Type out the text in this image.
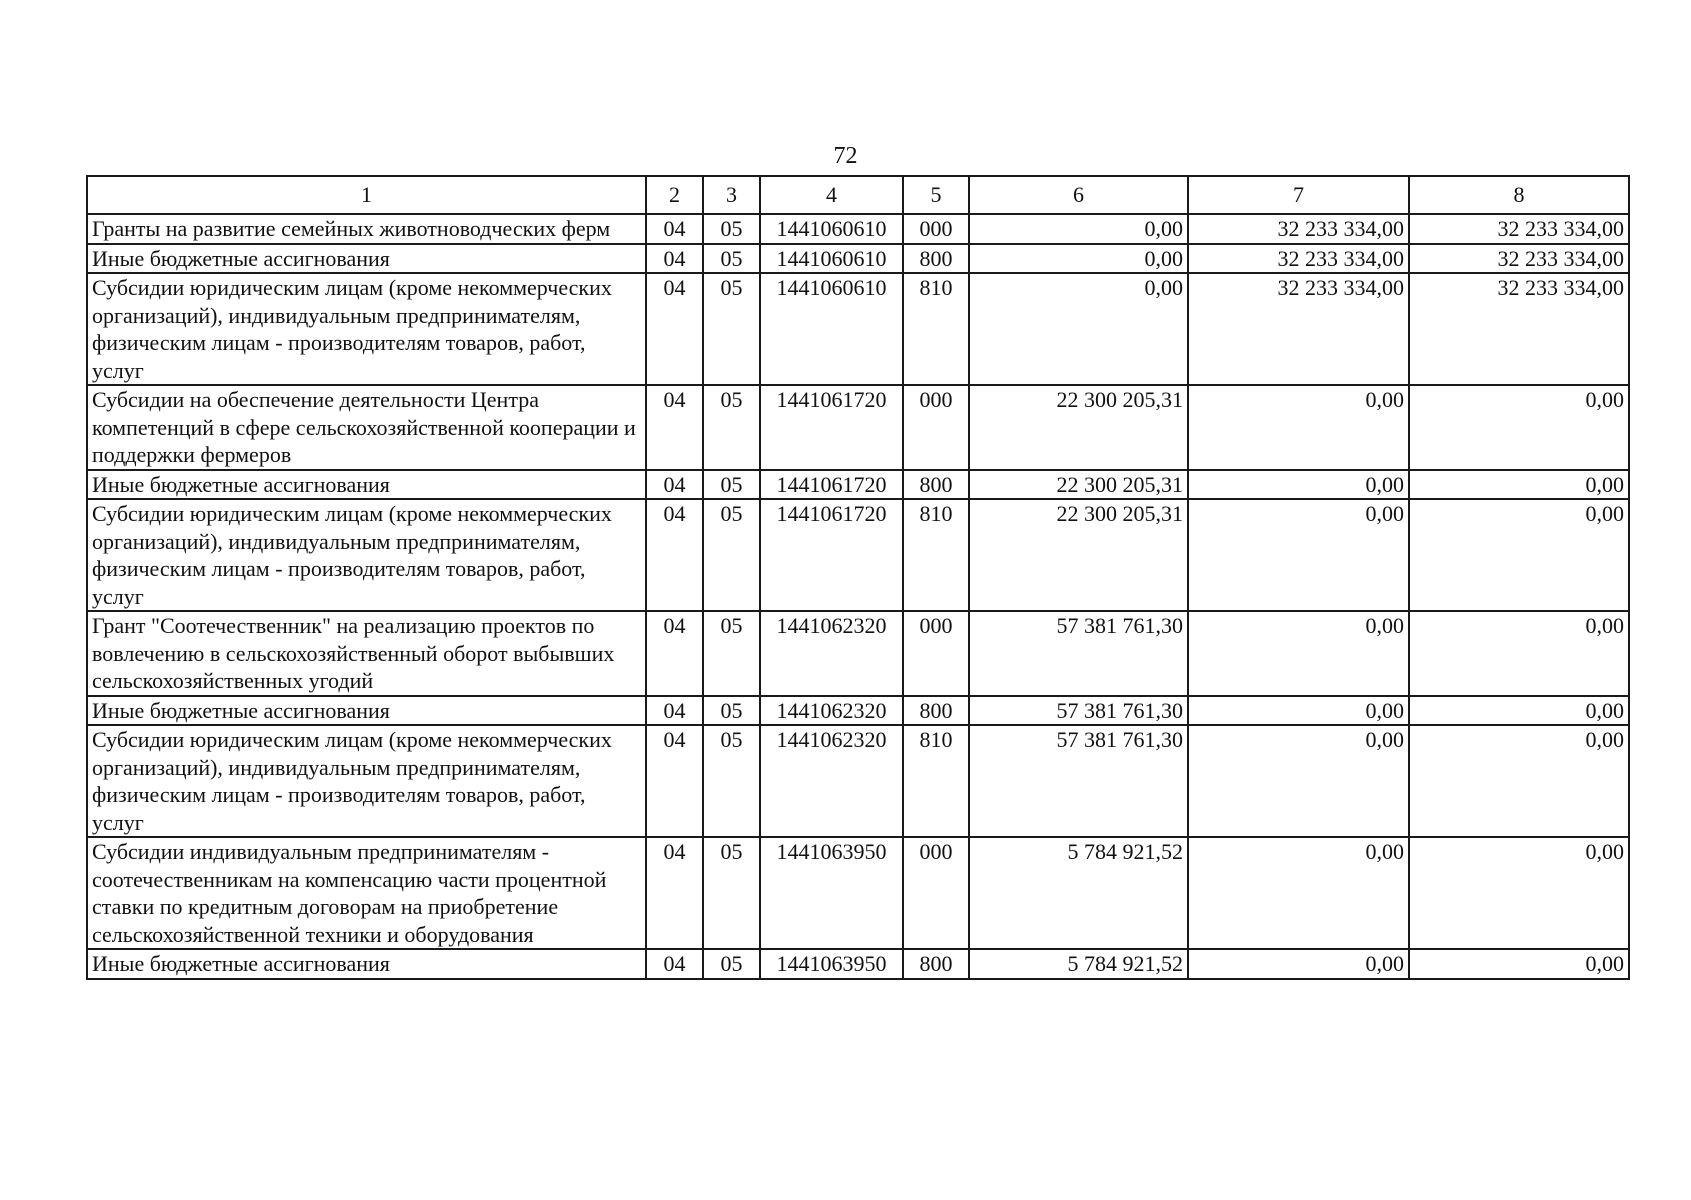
72
1	2	3	4	5	6	7	8
Гранты на развитие семейных животноводческих ферм	04	05	1441060610	000	0,00	32 233 334,00	32 233 334,00
Иные бюджетные ассигнования	04	05	1441060610	800	0,00	32 233 334,00	32 233 334,00
Субсидии юридическим лицам (кроме некоммерческих организаций), индивидуальным предпринимателям, физическим лицам - производителям товаров, работ, услуг	04	05	1441060610	810	0,00	32 233 334,00	32 233 334,00
Субсидии на обеспечение деятельности Центра компетенций в сфере сельскохозяйственной кооперации и поддержки фермеров	04	05	1441061720	000	22 300 205,31	0,00	0,00
Иные бюджетные ассигнования	04	05	1441061720	800	22 300 205,31	0,00	0,00
Субсидии юридическим лицам (кроме некоммерческих организаций), индивидуальным предпринимателям, физическим лицам - производителям товаров, работ, услуг	04	05	1441061720	810	22 300 205,31	0,00	0,00
Грант "Соотечественник" на реализацию проектов по вовлечению в сельскохозяйственный оборот выбывших сельскохозяйственных угодий	04	05	1441062320	000	57 381 761,30	0,00	0,00
Иные бюджетные ассигнования	04	05	1441062320	800	57 381 761,30	0,00	0,00
Субсидии юридическим лицам (кроме некоммерческих организаций), индивидуальным предпринимателям, физическим лицам - производителям товаров, работ, услуг	04	05	1441062320	810	57 381 761,30	0,00	0,00
Субсидии индивидуальным предпринимателям - соотечественникам на компенсацию части процентной ставки по кредитным договорам на приобретение сельскохозяйственной техники и оборудования	04	05	1441063950	000	5 784 921,52	0,00	0,00
Иные бюджетные ассигнования	04	05	1441063950	800	5 784 921,52	0,00	0,00
